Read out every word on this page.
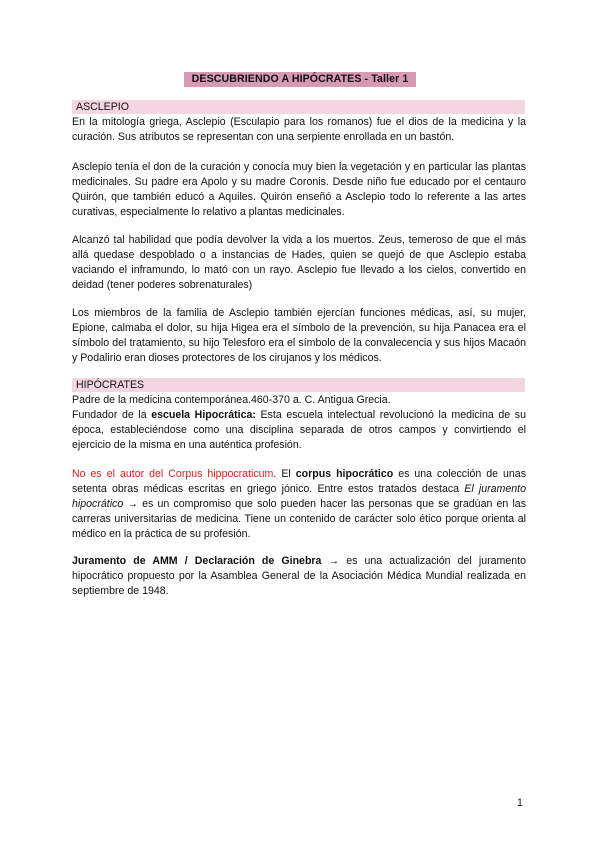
DESCUBRIENDO A HIPÓCRATES - Taller 1
ASCLEPIO

En la mitología griega, Asclepio (Esculapio para los romanos) fue el dios de la medicina y la curación. Sus atributos se representan con una serpiente enrollada en un bastón.

Asclepio tenía el don de la curación y conocía muy bien la vegetación y en particular las plantas medicinales. Su padre era Apolo y su madre Coronis. Desde niño fue educado por el centauro Quirón, que también educó a Aquiles. Quirón enseñó a Asclepio todo lo referente a las artes curativas, especialmente lo relativo a plantas medicinales.

Alcanzó tal habilidad que podía devolver la vida a los muertos. Zeus, temeroso de que el más allá quedase despoblado o a instancias de Hades, quien se quejó de que Asclepio estaba vaciando el inframundo, lo mató con un rayo. Asclepio fue llevado a los cielos, convertido en deidad (tener poderes sobrenaturales)

Los miembros de la familia de Asclepio también ejercían funciones médicas, así, su mujer, Epione, calmaba el dolor, su hija Higea era el símbolo de la prevención, su hija Panacea era el símbolo del tratamiento, su hijo Telesforo era el símbolo de la convalecencia y sus hijos Macaón y Podalirio eran dioses protectores de los cirujanos y los médicos.

HIPÓCRATES

Padre de la medicina contemporánea.460-370 a. C. Antigua Grecia.

Fundador de la escuela Hipocrática: Esta escuela intelectual revolucionó la medicina de su época, estableciéndose como una disciplina separada de otros campos y convirtiendo el ejercicio de la misma en una auténtica profesión.

No es el autor del Corpus hippocraticum. El corpus hipocrático es una colección de unas setenta obras médicas escritas en griego jónico. Entre estos tratados destaca El juramento hipocrático → es un compromiso que solo pueden hacer las personas que se gradúan en las carreras universitarias de medicina. Tiene un contenido de carácter solo ético porque orienta al médico en la práctica de su profesión.

Juramento de AMM / Declaración de Ginebra → es una actualización del juramento hipocrático propuesto por la Asamblea General de la Asociación Médica Mundial realizada en septiembre de 1948.

1
